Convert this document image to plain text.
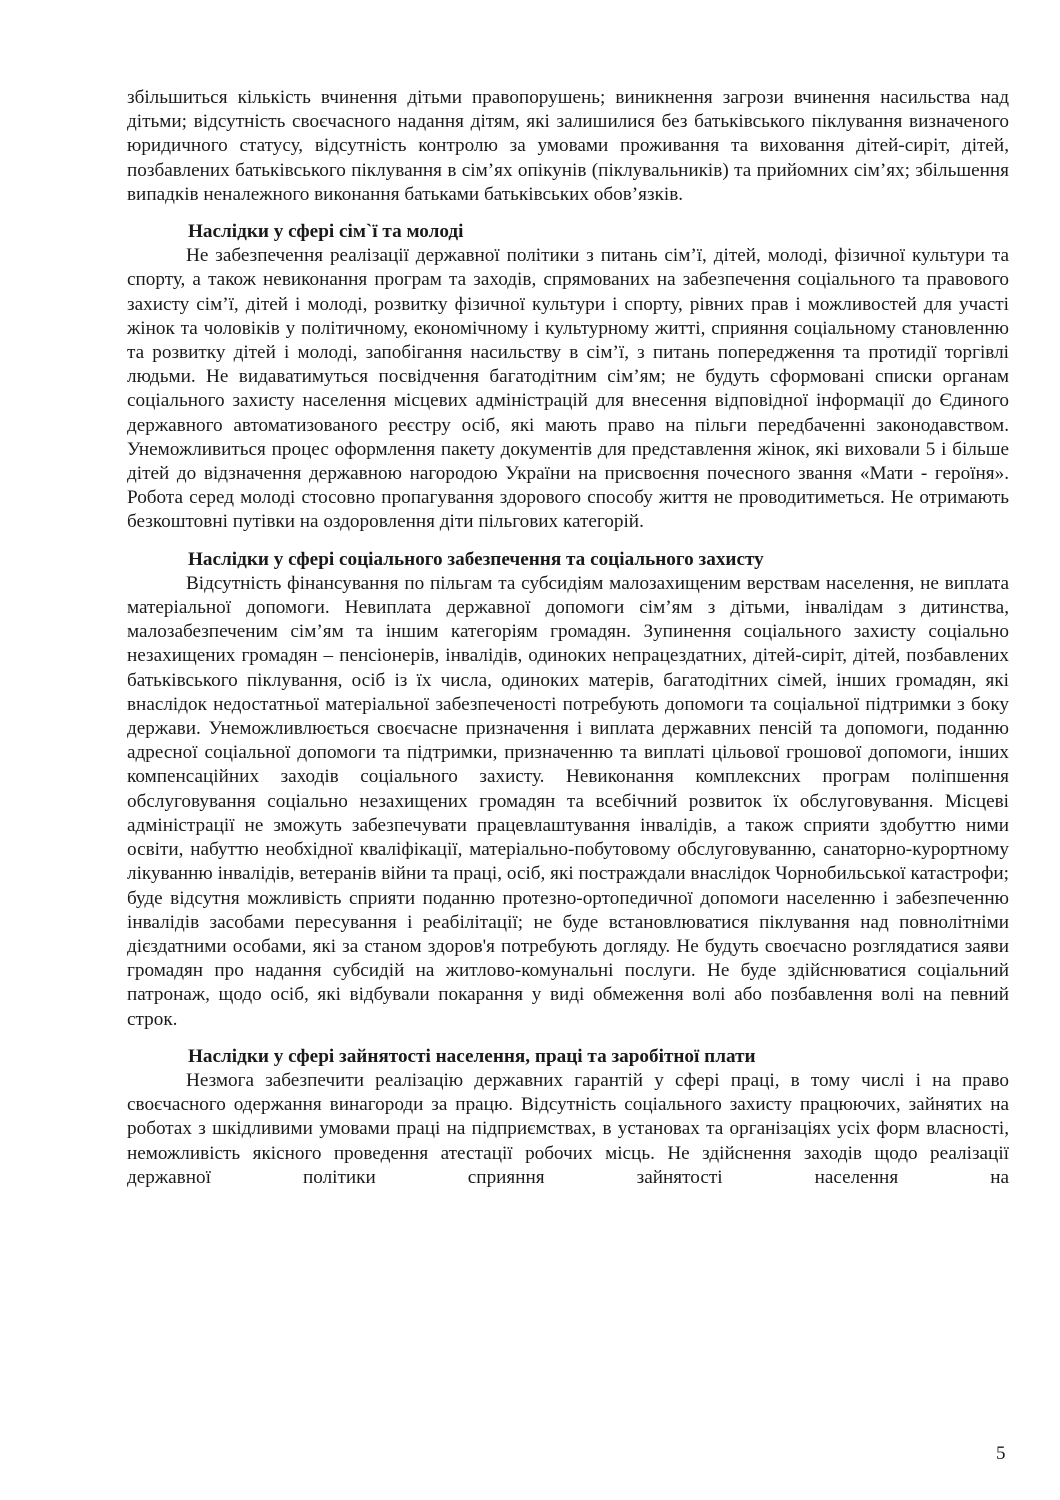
збільшиться кількість вчинення дітьми правопорушень; виникнення загрози вчинення насильства над дітьми; відсутність своєчасного надання дітям, які залишилися без батьківського піклування визначеного юридичного статусу, відсутність контролю за умовами проживання та виховання дітей-сиріт, дітей, позбавлених батьківського піклування в сім’ях опікунів (піклувальників) та прийомних сім’ях; збільшення випадків неналежного виконання батьками батьківських обов’язків.

Наслідки у сфері сім`ї та молоді

Не забезпечення реалізації державної політики з питань сім’ї, дітей, молоді, фізичної культури та спорту, а також невиконання програм та заходів, спрямованих на забезпечення соціального та правового захисту сім’ї, дітей і молоді, розвитку фізичної культури і спорту, рівних прав і можливостей для участі жінок та чоловіків у політичному, економічному і культурному житті, сприяння соціальному становленню та розвитку дітей і молоді, запобігання насильству в сім’ї, з питань попередження та протидії торгівлі людьми. Не видаватимуться посвідчення багатодітним сім’ям; не будуть сформовані списки органам соціального захисту населення місцевих адміністрацій для внесення відповідної інформації до Єдиного державного автоматизованого реєстру осіб, які мають право на пільги передбаченні законодавством. Унеможливиться процес оформлення пакету документів для представлення жінок, які виховали 5 і більше дітей до відзначення державною нагородою України на присвоєння почесного звання «Мати - героїня». Робота серед молоді стосовно пропагування здорового способу життя не проводитиметься. Не отримають безкоштовні путівки на оздоровлення діти пільгових категорій.

Наслідки у сфері соціального забезпечення та соціального захисту

Відсутність фінансування по пільгам та субсидіям малозахищеним верствам населення, не виплата матеріальної допомоги. Невиплата державної допомоги сім’ям з дітьми, інвалідам з дитинства, малозабезпеченим сім’ям та іншим категоріям громадян. Зупинення соціального захисту соціально незахищених громадян – пенсіонерів, інвалідів, одиноких непрацездатних, дітей-сиріт, дітей, позбавлених батьківського піклування, осіб із їх числа, одиноких матерів, багатодітних сімей, інших громадян, які внаслідок недостатньої матеріальної забезпеченості потребують допомоги та соціальної підтримки з боку держави. Унеможливлюється своєчасне призначення і виплата державних пенсій та допомоги, поданню адресної соціальної допомоги та підтримки, призначенню та виплаті цільової грошової допомоги, інших компенсаційних заходів соціального захисту. Невиконання комплексних програм поліпшення обслуговування соціально незахищених громадян та всебічний розвиток їх обслуговування. Місцеві адміністрації не зможуть забезпечувати працевлаштування інвалідів, а також сприяти здобуттю ними освіти, набуттю необхідної кваліфікації, матеріально-побутовому обслуговуванню, санаторно-курортному лікуванню інвалідів, ветеранів війни та праці, осіб, які постраждали внаслідок Чорнобильської катастрофи; буде відсутня можливість сприяти поданню протезно-ортопедичної допомоги населенню і забезпеченню інвалідів засобами пересування і реабілітації; не буде встановлюватися піклування над повнолітніми дієздатними особами, які за станом здоров'я потребують догляду. Не будуть своєчасно розглядатися заяви громадян про надання субсидій на житлово-комунальні послуги. Не буде здійснюватися соціальний патронаж, щодо осіб, які відбували покарання у виді обмеження волі або позбавлення волі на певний строк.

Наслідки у сфері зайнятості населення, праці та заробітної плати

Незмога забезпечити реалізацію державних гарантій у сфері праці, в тому числі і на право своєчасного одержання винагороди за працю. Відсутність соціального захисту працюючих, зайнятих на роботах з шкідливими умовами праці на підприємствах, в установах та організаціях усіх форм власності, неможливість якісного проведення атестації робочих місць. Не здійснення заходів щодо реалізації державної політики сприяння зайнятості населення на

5
